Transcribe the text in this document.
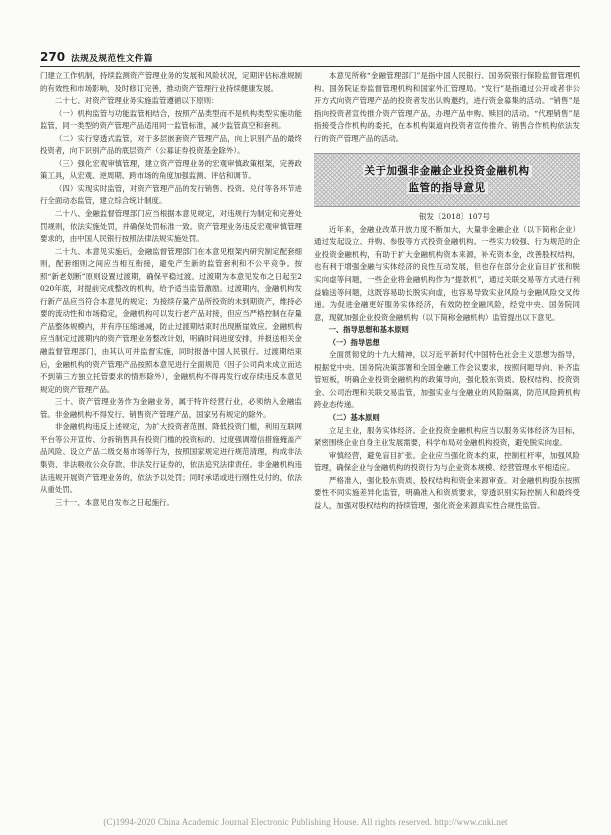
270 法规及规范性文件篇

门建立工作机制，持续监测资产管理业务的发展和风险状况，定期评估标准规制的有效性和市场影响，及时修订完善，推动资产管理行业持续健康发展。

二十七、对资产管理业务实施监管遵循以下原则：

（一）机构监管与功能监管相结合，按照产品类型而不是机构类型实施功能监管，同一类型的资产管理产品适用同一监管标准，减少监管真空和套利。

（二）实行穿透式监管，对于多层嵌套资产管理产品，向上识别产品的最终投资者，向下识别产品的底层资产（公募证券投资基金除外）。

（三）强化宏观审慎管理，建立资产管理业务的宏观审慎政策框架，完善政策工具，从宏观、逆周期、跨市场的角度加强监测、评估和调节。

（四）实现实时监管，对资产管理产品的发行销售、投资、兑付等各环节进行全面动态监管，建立综合统计制度。

二十八、金融监督管理部门应当根据本意见规定，对违规行为制定和完善处罚规则，依法实施处罚，并确保处罚标准一致。资产管理业务违反宏观审慎管理要求的，由中国人民银行按照法律法规实施处罚。

二十九、本意见实施后，金融监督管理部门在本意见框架内研究制定配套细则，配套细则之间应当相互衔接，避免产生新的监管套利和不公平竞争。按照“新老划断”原则设置过渡期，确保平稳过渡。过渡期为本意见发布之日起至2020年底，对提前完成整改的机构，给予适当监管激励。过渡期内，金融机构发行新产品应当符合本意见的规定；为接续存量产品所投资的未到期资产，维持必要的流动性和市场稳定，金融机构可以发行老产品对接，但应当严格控制在存量产品整体规模内，并有序压缩递减，防止过渡期结束时出现断崖效应。金融机构应当制定过渡期内的资产管理业务整改计划，明确时间进度安排，并报送相关金融监督管理部门，由其认可并监督实施，同时报备中国人民银行。过渡期结束后，金融机构的资产管理产品按照本意见进行全面规范（因子公司尚未成立而达不到第三方独立托管要求的情形除外），金融机构不得再发行或存续违反本意见规定的资产管理产品。

三十、资产管理业务作为金融业务，属于特许经营行业，必须纳入金融监管。非金融机构不得发行、销售资产管理产品，国家另有规定的除外。

非金融机构违反上述规定，为扩大投资者范围、降低投资门槛，利用互联网平台等公开宣传、分拆销售具有投资门槛的投资标的、过度强调增信措施掩盖产品风险、设立产品二级交易市场等行为，按照国家规定进行规范清理，构成非法集资、非法吸收公众存款、非法发行证券的，依法追究法律责任。非金融机构违法违规开展资产管理业务的，依法予以处罚；同时承诺或进行刚性兑付的，依法从重处罚。

三十一、本意见自发布之日起施行。

本意见所称“金融管理部门”是指中国人民银行、国务院银行保险监督管理机构、国务院证券监督管理机构和国家外汇管理局。“发行”是指通过公开或者非公开方式向资产管理产品的投资者发出认购邀约，进行资金募集的活动。“销售”是指向投资者宣传推介资产管理产品，办理产品申购、赎回的活动。“代理销售”是指接受合作机构的委托，在本机构渠道向投资者宣传推介、销售合作机构依法发行的资产管理产品的活动。

关于加强非金融企业投资金融机构
监管的指导意见

银发〔2018〕107号

近年来，金融业改革开放力度不断加大，大量非金融企业（以下简称企业）通过发起设立、并购、参股等方式投资金融机构。一些实力较强、行为规范的企业投资金融机构，有助于扩大金融机构资本来源，补充资本金，改善股权结构，也有利于增强金融与实体经济的良性互动发展，但也存在部分企业盲目扩张和脱实向虚等问题，一些企业将金融机构作为“提款机”，通过关联交易等方式进行利益输送等问题，这既容易助长脱实向虚，也容易导致实业风险与金融风险交叉传递。为促进金融更好服务实体经济，有效防控金融风险，经党中央、国务院同意，现就加强企业投资金融机构（以下简称金融机构）监管提出以下意见。

一、指导思想和基本原则

（一）指导思想

全面贯彻党的十九大精神，以习近平新时代中国特色社会主义思想为指导，根据党中央、国务院决策部署和全国金融工作会议要求，按照问题导向、补齐监管短板，明确企业投资金融机构的政策导向，强化股东资质、股权结构、投资资金、公司治理和关联交易监管，加强实业与金融业的风险隔离，防范风险跨机构跨业态传递。

（二）基本原则

立足主业，服务实体经济。企业投资金融机构应当以服务实体经济为目标，紧密围绕企业自身主业发展需要，科学布局对金融机构投资，避免脱实向虚。

审慎经营，避免盲目扩张。企业应当强化资本约束，控制杠杆率，加强风险管理，确保企业与金融机构的投资行为与企业资本规模、经营管理水平相适应。

严格准入，强化股东资质、股权结构和资金来源审查。对金融机构股东按照要性不同实施差异化监管，明确准入和资质要求，穿透识别实际控制人和最终受益人，加强对股权结构的持续管理，强化资金来源真实性合规性监管。

(C)1994-2020 China Academic Journal Electronic Publishing House. All rights reserved. http://www.cnki.net
